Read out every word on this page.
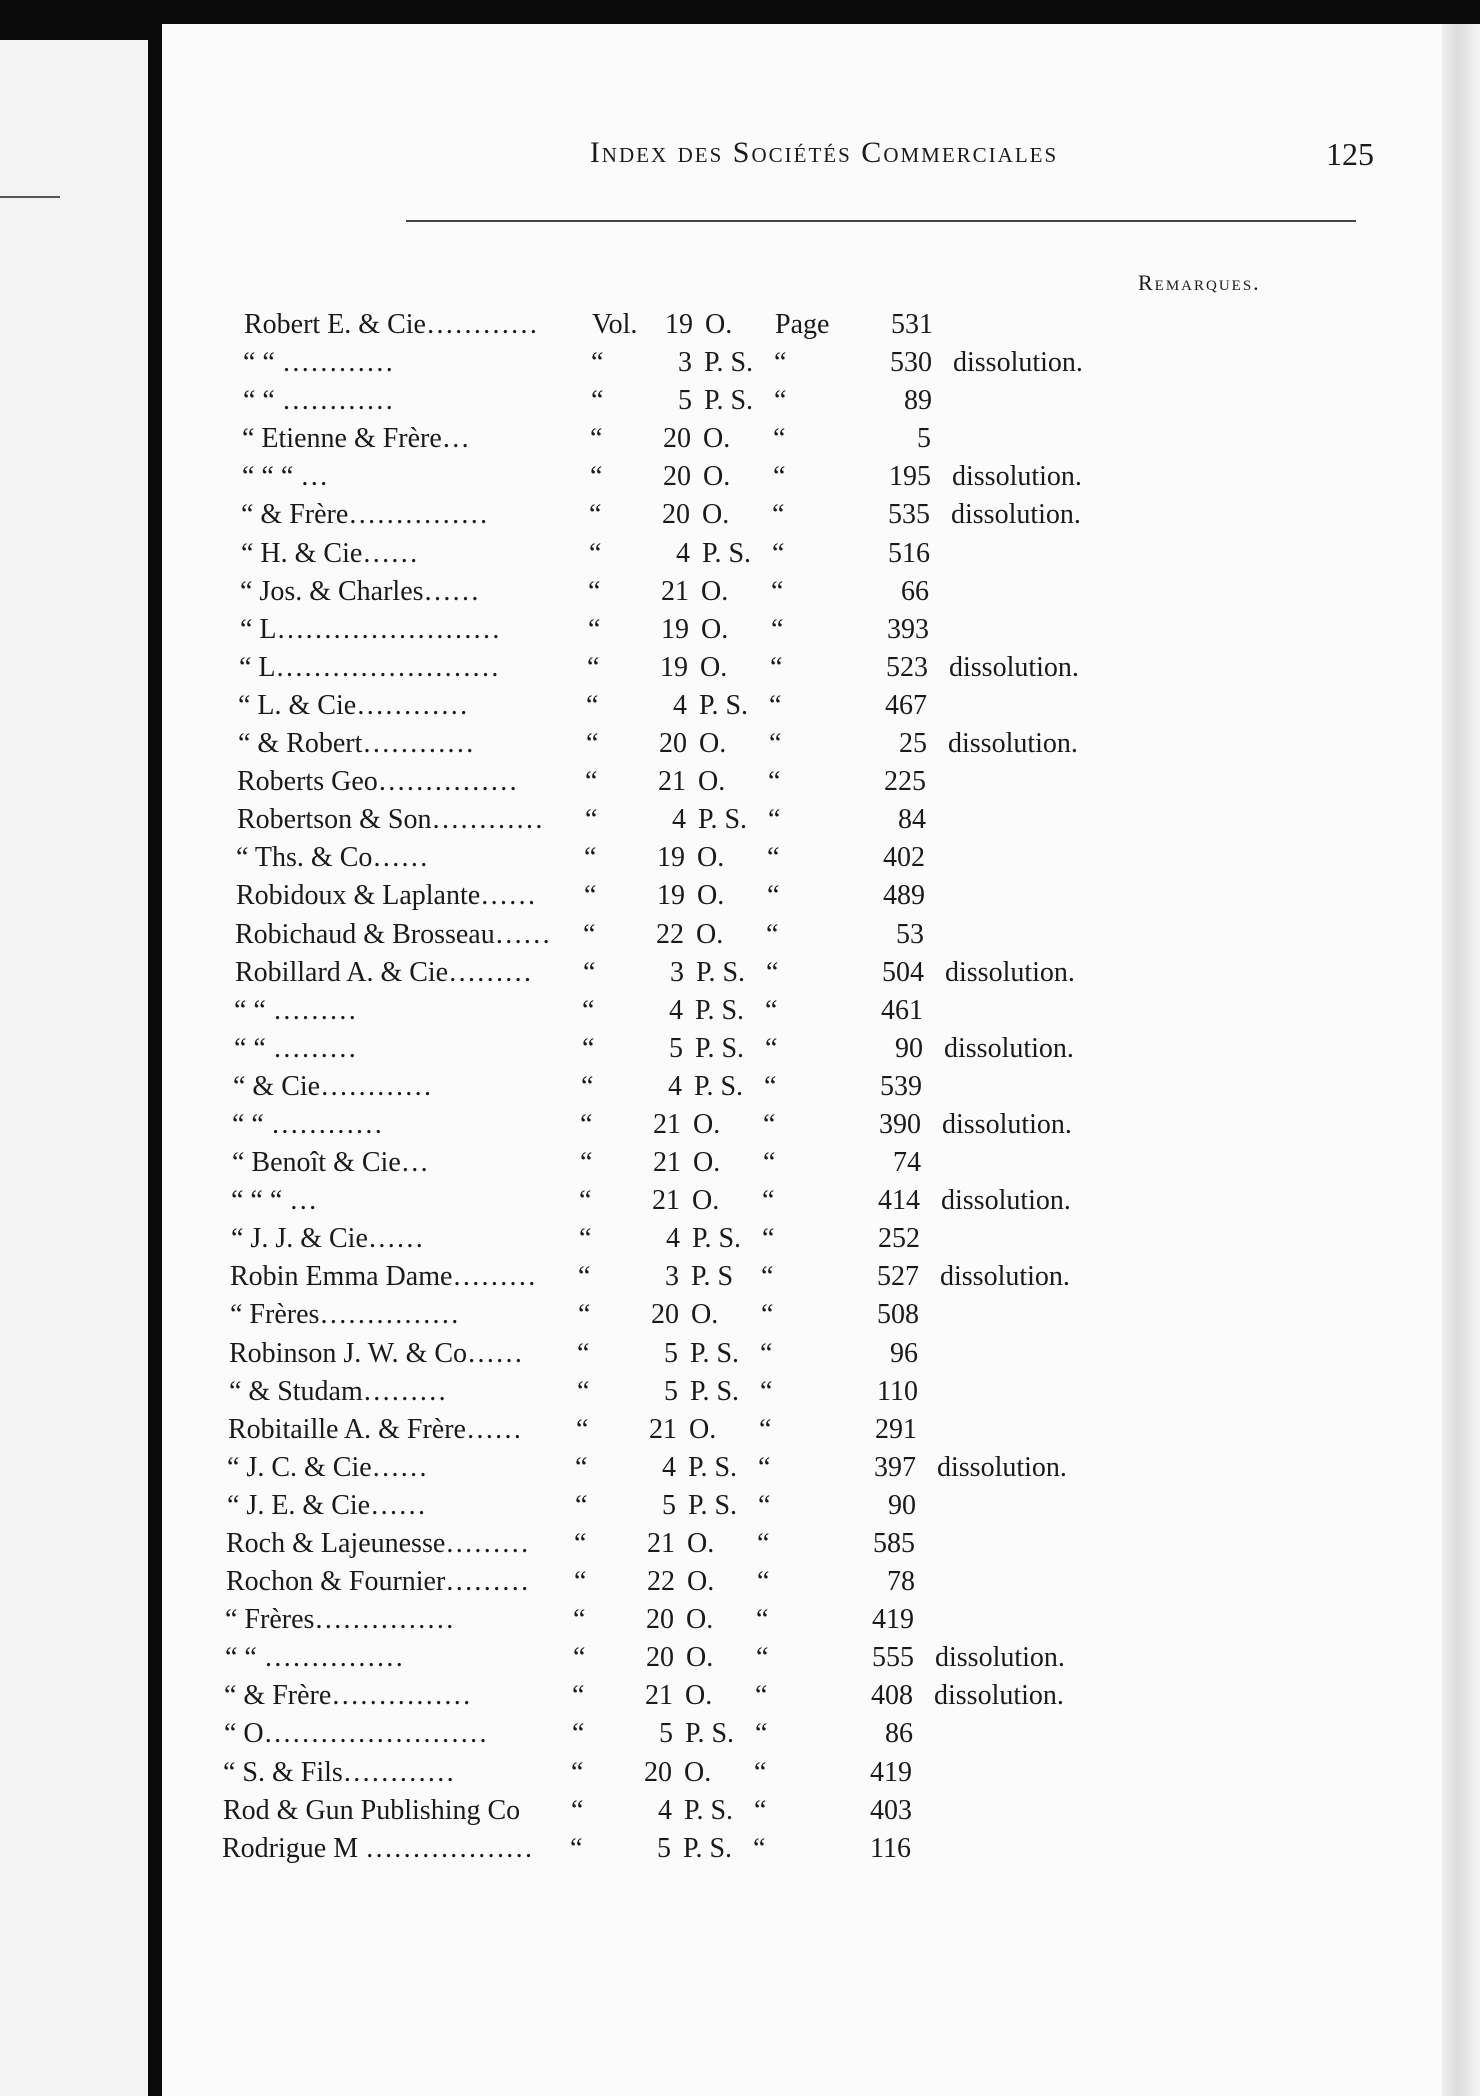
Index des Sociétés Commerciales	125
Remarques.
Robert E. & Cie………… Vol. 19 O. Page	531
“ “ …………	“	3 P. S. “	530 dissolution.
“ “ …………	“	5 P. S. “	89
“ Etienne & Frère…	“	20 O. “	5
“ “ “ …	“	20 O. “	195 dissolution.
“ & Frère……………	“	20 O. “	535 dissolution.
“ H. & Cie……	“	4 P. S. “	516
“ Jos. & Charles……	“	21 O. “	66
“ L……………………	“	19 O. “	393
“ L……………………	“	19 O. “	523 dissolution.
“ L. & Cie…………	“	4 P. S. “	467
“ & Robert…………	“	20 O. “	25 dissolution.
Roberts Geo…………… “	21 O. “	225
Robertson & Son………… “	4 P. S. “	84
“ Ths. & Co……	“	19 O. “	402
Robidoux & Laplante…… “	19 O. “	489
Robichaud & Brosseau…… “	22 O. “	53
Robillard A. & Cie……… “	3 P. S. “	504 dissolution.
“ “ ………	“	4 P. S. “	461
“ “ ………	“	5 P. S. “	90 dissolution.
“ & Cie…………	“	4 P. S. “	539
“ “ …………	“	21 O. “	390 dissolution.
“ Benoît & Cie…	“	21 O. “	74
“ “ “ …	“	21 O. “	414 dissolution.
“ J. J. & Cie……	“	4 P. S. “	252
Robin Emma Dame……… “	3 P. S “	527 dissolution.
“ Frères……………	“	20 O. “	508
Robinson J. W. & Co…… “	5 P. S. “	96
“ & Studam………	“	5 P. S. “	110
Robitaille A. & Frère…… “	21 O. “	291
“ J. C. & Cie……	“	4 P. S. “	397 dissolution.
“ J. E. & Cie……	“	5 P. S. “	90
Roch & Lajeunesse……… “	21 O. “	585
Rochon & Fournier……… “	22 O. “	78
“ Frères……………	“	20 O. “	419
“ “ ……………	“	20 O. “	555 dissolution.
“ & Frère……………	“	21 O. “	408 dissolution.
“ O……………………	“	5 P. S. “	86
“ S. & Fils…………	“	20 O. “	419
Rod & Gun Publishing Co “	4 P. S. “	403
Rodrigue M ……………… “	5 P. S. “	116
